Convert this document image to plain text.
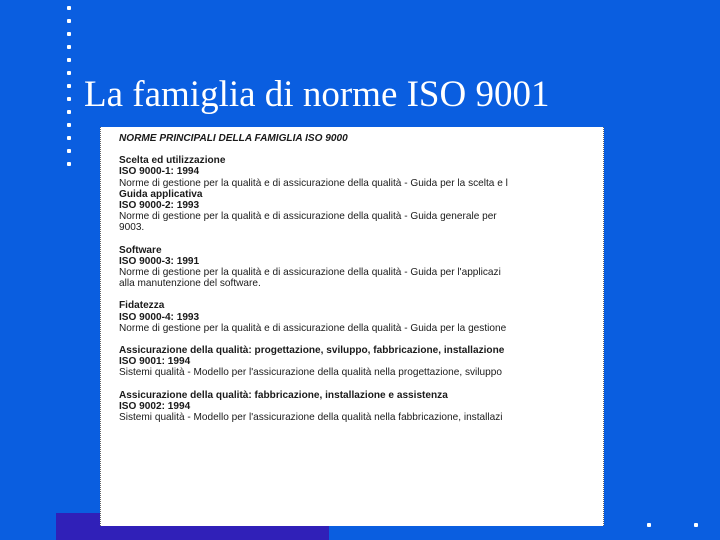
La famiglia di norme ISO 9001
NORME PRINCIPALI DELLA FAMIGLIA ISO 9000
Scelta ed utilizzazione
ISO 9000-1: 1994
Norme di gestione per la qualità e di assicurazione della qualità - Guida per la scelta e l
Guida applicativa
ISO 9000-2: 1993
Norme di gestione per la qualità e di assicurazione della qualità - Guida generale per
9003.
Software
ISO 9000-3: 1991
Norme di gestione per la qualità e di assicurazione della qualità - Guida per l'applicazi
alla manutenzione del software.
Fidatezza
ISO 9000-4: 1993
Norme di gestione per la qualità e di assicurazione della qualità - Guida per la gestione
Assicurazione della qualità: progettazione, sviluppo, fabbricazione, installazione
ISO 9001: 1994
Sistemi qualità - Modello per l'assicurazione della qualità nella progettazione, sviluppo
Assicurazione della qualità: fabbricazione, installazione e assistenza
ISO 9002: 1994
Sistemi qualità - Modello per l'assicurazione della qualità nella fabbricazione, installazi
